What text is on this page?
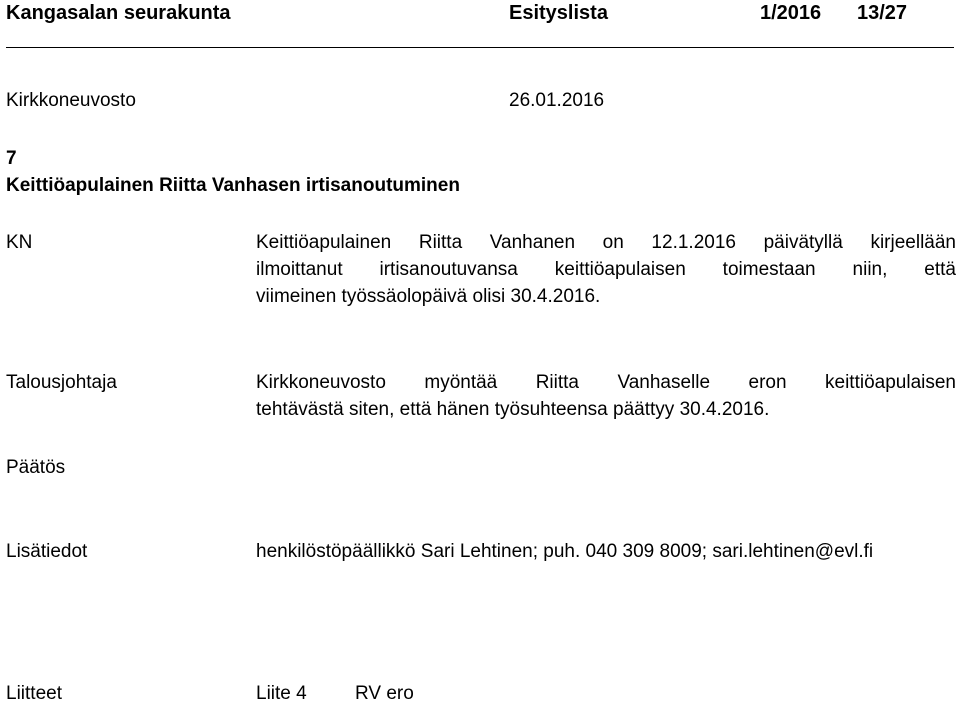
Kangasalan seurakunta	Esityslista	1/2016 13/27
Kirkkoneuvosto	26.01.2016
7
Keittiöapulainen Riitta Vanhasen irtisanoutuminen
KN	Keittiöapulainen Riitta Vanhanen on 12.1.2016 päivätyllä kirjeellään
ilmoittanut irtisanoutuvansa keittiöapulaisen toimestaan niin, että
viimeinen työssäolopäivä olisi 30.4.2016.
Talousjohtaja	Kirkkoneuvosto myöntää Riitta Vanhaselle eron keittiöapulaisen
tehtävästä siten, että hänen työsuhteensa päättyy 30.4.2016.
Päätös
Lisätiedot	henkilöstöpäällikkö Sari Lehtinen; puh. 040 309 8009; sari.lehtinen@evl.fi
Liitteet	Liite 4	RV ero
